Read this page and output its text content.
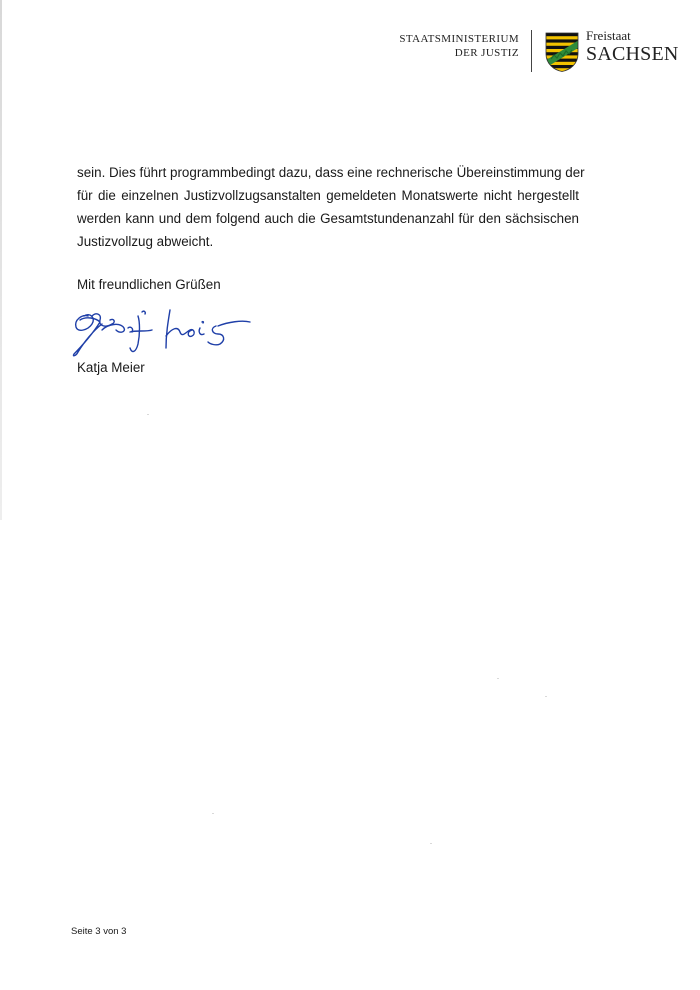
STAATSMINISTERIUM
DER JUSTIZ
Freistaat
SACHSEN
sein. Dies führt programmbedingt dazu, dass eine rechnerische Übereinstimmung der
für die einzelnen Justizvollzugsanstalten gemeldeten Monatswerte nicht hergestellt
werden kann und dem folgend auch die Gesamtstundenanzahl für den sächsischen
Justizvollzug abweicht.
Mit freundlichen Grüßen
Katja Meier
Seite 3 von 3
